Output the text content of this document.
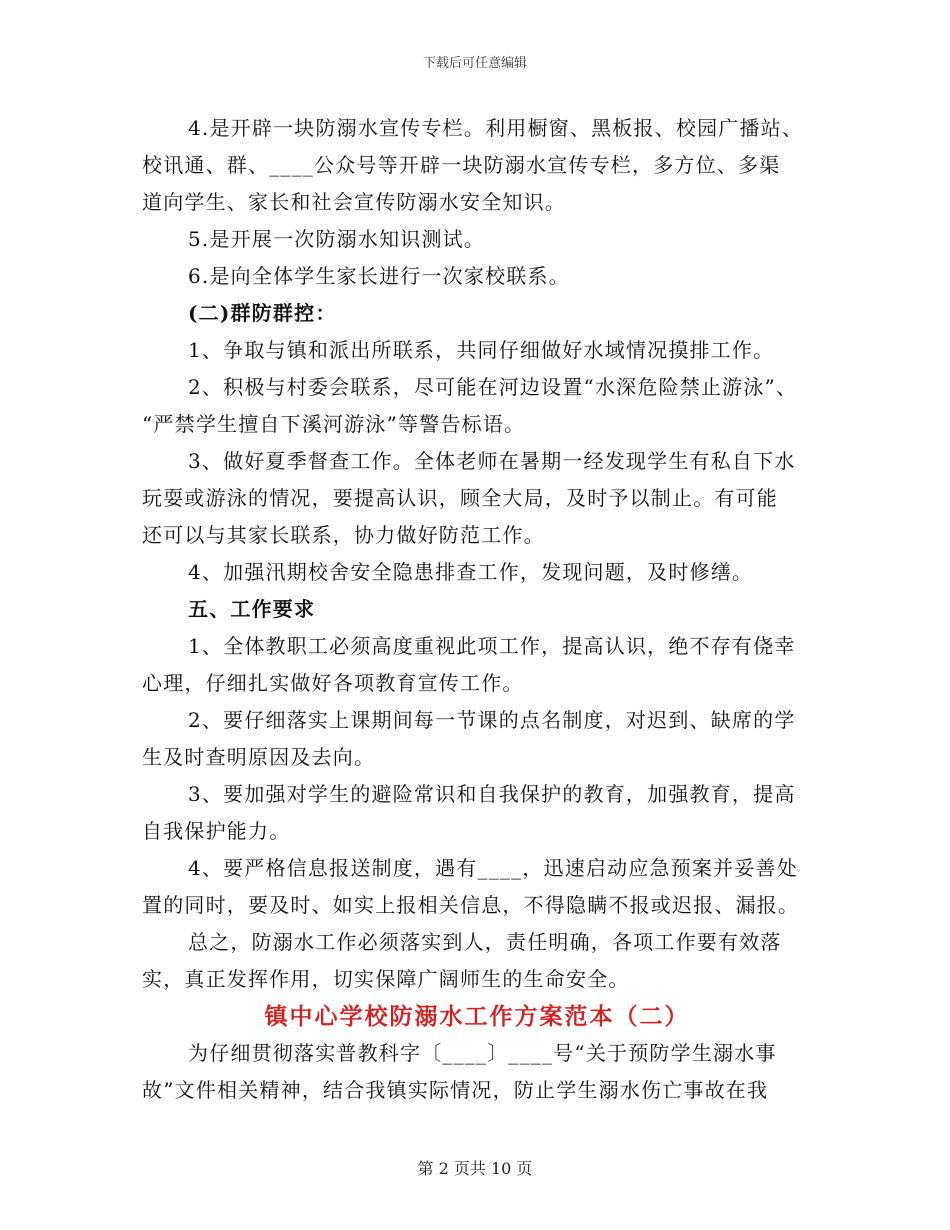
下载后可任意编辑
4.是开辟一块防溺水宣传专栏。利用橱窗、黑板报、校园广播站、
校讯通、群、____公众号等开辟一块防溺水宣传专栏，多方位、多渠
道向学生、家长和社会宣传防溺水安全知识。
5.是开展一次防溺水知识测试。
6.是向全体学生家长进行一次家校联系。
(二)群防群控：
1、争取与镇和派出所联系，共同仔细做好水域情况摸排工作。
2、积极与村委会联系，尽可能在河边设置“水深危险禁止游泳”、
“严禁学生擅自下溪河游泳”等警告标语。
3、做好夏季督查工作。全体老师在暑期一经发现学生有私自下水
玩耍或游泳的情况，要提高认识，顾全大局，及时予以制止。有可能
还可以与其家长联系，协力做好防范工作。
4、加强汛期校舍安全隐患排查工作，发现问题，及时修缮。
五、工作要求
1、全体教职工必须高度重视此项工作，提高认识，绝不存有侥幸
心理，仔细扎实做好各项教育宣传工作。
2、要仔细落实上课期间每一节课的点名制度，对迟到、缺席的学
生及时查明原因及去向。
3、要加强对学生的避险常识和自我保护的教育，加强教育，提高
自我保护能力。
4、要严格信息报送制度，遇有____，迅速启动应急预案并妥善处
置的同时，要及时、如实上报相关信息，不得隐瞒不报或迟报、漏报。
总之，防溺水工作必须落实到人，责任明确，各项工作要有效落
实，真正发挥作用，切实保障广阔师生的生命安全。
镇中心学校防溺水工作方案范本（二）
为仔细贯彻落实普教科字〔____〕____号“关于预防学生溺水事
故”文件相关精神，结合我镇实际情况，防止学生溺水伤亡事故在我
第 2 页共 10 页
